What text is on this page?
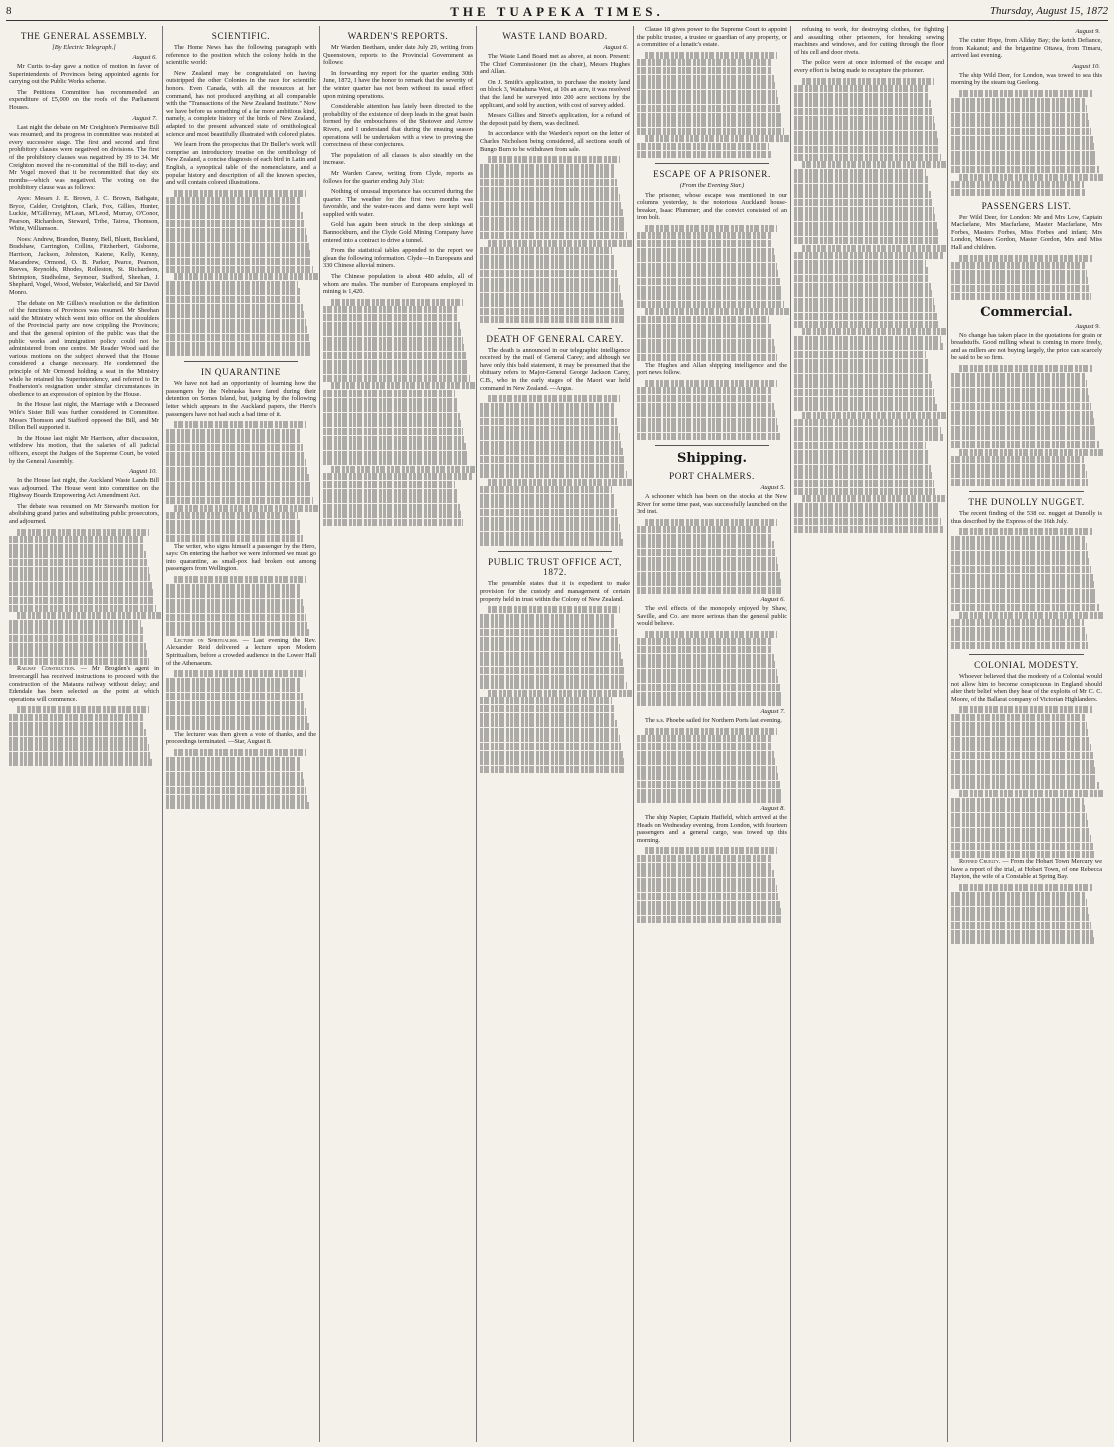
8	THE TUAPEKA TIMES.	Thursday, August 15, 1872
THE GENERAL ASSEMBLY.
[By Electric Telegraph.]
August 6.

Mr Curtis to-day gave a notice of motion in favor of Superintendents of Provinces being appointed agents for carrying out the Public Works scheme.

The Petitions Committee has recommended an expenditure of £5,000 on the roofs of the Parliament Houses.

August 7.

Last night the debate on Mr Creighton's Permissive Bill was resumed; and its progress in committee was resisted at every successive stage. The first and second and first prohibitory clauses were negatived on divisions. The first of the prohibitory clauses was negatived by 39 to 34. Mr Creighton moved the re-committal of the Bill to-day; and Mr Vogel moved that it be recommitted that day six months—which was negatived. The voting on the prohibitory clause was as follows:

Ayes: Messrs J. E. Brown, J. C. Brown, Bathgate, Bryce, Calder, Creighton, Clark, Fox, Gillies, Hunter, Luckie, M'Gillivray, M'Lean, M'Leod, Murray, O'Conor, Pearson, Richardson, Steward, Tribe, Tairoa, Thomson, White, Williamson.

Noes: Andrew, Brandon, Bunny, Bell, Bluett, Buckland, Bradshaw, Carrington, Collins, Fitzherbert, Gisborne, Harrison, Jackson, Johnston, Katene, Kelly, Kenny, Macandrew, Ormond, O. B. Parker, Pearce, Pearson, Reeves, Reynolds, Rhodes, Rolleston, St. Richardson, Shrimpton, Studholme, Seymour, Stafford, Sheehan, J. Shephard, Vogel, Wood, Webster, Wakefield, and Sir David Monro.

The debate on Mr Gillies's resolution re the definition of the functions of Provinces was resumed. Mr Sheehan said the Ministry which went into office on the shoulders of the Provincial party are now crippling the Provinces; and that the general opinion of the public was that the public works and immigration policy could not be administered from one centre. Mr Reader Wood said the various motions on the subject showed that the House considered a change necessary. He condemned the principle of Mr Ormond holding a seat in the Ministry while he retained his Superintendency, and referred to Dr Featherston's resignation under similar circumstances in obedience to an expression of opinion by the House.

In the House last night, the Marriage with a Deceased Wife's Sister Bill was further considered in Committee. Messrs Thomson and Stafford opposed the Bill, and Mr Dillon Bell supported it.

In the House last night Mr Harrison, after discussion, withdrew his motion, that the salaries of all judicial officers, except the Judges of the Supreme Court, be voted by the General Assembly.

August 10.

In the House last night, the Auckland Waste Lands Bill was adjourned. The House went into committee on the Highway Boards Empowering Act Amendment Act.

The debate was resumed on Mr Steward's motion for abolishing grand juries and substituting public prosecutors, and adjourned.

Railway Construction. — Mr Brogden's agent in Invercargill has received instructions to proceed with the construction of the Mataura railway without delay; and Edendale has been selected as the point at which operations will commence.

SCIENTIFIC.

The Home News has the following paragraph with reference to the position which the colony holds in the scientific world:

New Zealand may be congratulated on having outstripped the other Colonies in the race for scientific honors. Even Canada, with all the resources at her command, has not produced anything at all comparable with the "Transactions of the New Zealand Institute." Now we have before us something of a far more ambitious kind, namely, a complete history of the birds of New Zealand, adapted to the present advanced state of ornithological science and most beautifully illustrated with colored plates.

We learn from the prospectus that Dr Buller's work will comprise an introductory treatise on the ornithology of New Zealand, a concise diagnosis of each bird in Latin and English, a synoptical table of the nomenclature, and a popular history and description of all the known species, and will contain colored illustrations.

IN QUARANTINE

We have not had an opportunity of learning how the passengers by the Nebraska have fared during their detention on Somes Island, but, judging by the following letter which appears in the Auckland papers, the Hero's passengers have not had such a bad time of it.

The writer, who signs himself a passenger by the Hero, says: On entering the harbor we were informed we must go into quarantine, as small-pox had broken out among passengers from Wellington.

Lecture on Spiritualism. — Last evening the Rev. Alexander Reid delivered a lecture upon Modern Spiritualism, before a crowded audience in the Lower Hall of the Athenaeum.

The lecturer was then given a vote of thanks, and the proceedings terminated. —Star, August 8.

WARDEN'S REPORTS.

Mr Warden Beetham, under date July 29, writing from Queenstown, reports to the Provincial Government as follows:

In forwarding my report for the quarter ending 30th June, 1872, I have the honor to remark that the severity of the winter quarter has not been without its usual effect upon mining operations.

Considerable attention has lately been directed to the probability of the existence of deep leads in the great basin formed by the embouchures of the Shotover and Arrow Rivers, and I understand that during the ensuing season operations will be undertaken with a view to proving the correctness of these conjectures.

The population of all classes is also steadily on the increase.

Mr Warden Carew, writing from Clyde, reports as follows for the quarter ending July 31st:

Nothing of unusual importance has occurred during the quarter. The weather for the first two months was favorable, and the water-races and dams were kept well supplied with water.

Gold has again been struck in the deep sinkings at Bannockburn, and the Clyde Gold Mining Company have entered into a contract to drive a tunnel.

From the statistical tables appended to the report we glean the following information. Clyde—In Europeans and 330 Chinese alluvial miners.

The Chinese population is about 480 adults, all of whom are males. The number of Europeans employed in mining is 1,420.

WASTE LAND BOARD.
August 6.

The Waste Land Board met as above, at noon. Present: The Chief Commissioner (in the chair), Messrs Hughes and Allan.

On J. Smith's application, to purchase the moiety land on block 3, Waitahuna West, at 10s an acre, it was resolved that the land be surveyed into 200 acre sections by the applicant, and sold by auction, with cost of survey added.

Messrs Gillies and Street's application, for a refund of the deposit paid by them, was declined.

In accordance with the Warden's report on the letter of Charles Nicholson being considered, all sections south of Bungo Burn to be withdrawn from sale.

DEATH OF GENERAL CAREY.

The death is announced in our telegraphic intelligence received by the mail of General Carey; and although we have only this bald statement, it may be presumed that the obituary refers to Major-General George Jackson Carey, C.B., who in the early stages of the Maori war held command in New Zealand. —Argus.

PUBLIC TRUST OFFICE ACT, 1872.

The preamble states that it is expedient to make provision for the custody and management of certain property held in trust within the Colony of New Zealand.

Clause 18 gives power to the Supreme Court to appoint the public trustee, a trustee or guardian of any property, or a committee of a lunatic's estate.

ESCAPE OF A PRISONER.
(From the Evening Star.)

The prisoner, whose escape was mentioned in our columns yesterday, is the notorious Auckland house-breaker, Isaac Plummer; and the convict consisted of an iron bolt.

The Hughes and Allan shipping intelligence and the port news follow.

Shipping.
PORT CHALMERS.
August 5.

A schooner which has been on the stocks at the New River for some time past, was successfully launched on the 3rd inst.

August 6.

The evil effects of the monopoly enjoyed by Shaw, Saville, and Co. are more serious than the general public would believe.

August 7.

The s.s. Phoebe sailed for Northern Ports last evening.

August 8.

The ship Napier, Captain Hatfield, which arrived at the Heads on Wednesday evening, from London, with fourteen passengers and a general cargo, was towed up this morning.

refusing to work, for destroying clothes, for fighting and assaulting other prisoners, for breaking sewing machines and windows, and for cutting through the floor of his cell and door rivets.

The police were at once informed of the escape and every effort is being made to recapture the prisoner.

August 9.

The cutter Hope, from Allday Bay; the ketch Defiance, from Kakanui; and the brigantine Ottawa, from Timaru, arrived last evening.

August 10.

The ship Wild Deer, for London, was towed to sea this morning by the steam tug Geelong.

PASSENGERS LIST.

Per Wild Deer, for London: Mr and Mrs Low, Captain Macfarlane, Mrs Macfarlane, Master Macfarlane, Mrs Forbes, Masters Forbes, Miss Forbes and infant; Mrs London, Misses Gordon, Master Gordon, Mrs and Miss Hall and children.

Commercial.
August 9.

No change has taken place in the quotations for grain or breadstuffs. Good milling wheat is coming in more freely, and as millers are not buying largely, the price can scarcely be said to be so firm.

THE DUNOLLY NUGGET.

The recent finding of the 538 oz. nugget at Dunolly is thus described by the Express of the 16th July.

COLONIAL MODESTY.

Whoever believed that the modesty of a Colonial would not allow him to become conspicuous in England should alter their belief when they hear of the exploits of Mr C. C. Moore, of the Ballarat company of Victorian Highlanders.

Refined Cruelty. — From the Hobart Town Mercury we have a report of the trial, at Hobart Town, of one Rebecca Hayton, the wife of a Constable at Spring Bay.
